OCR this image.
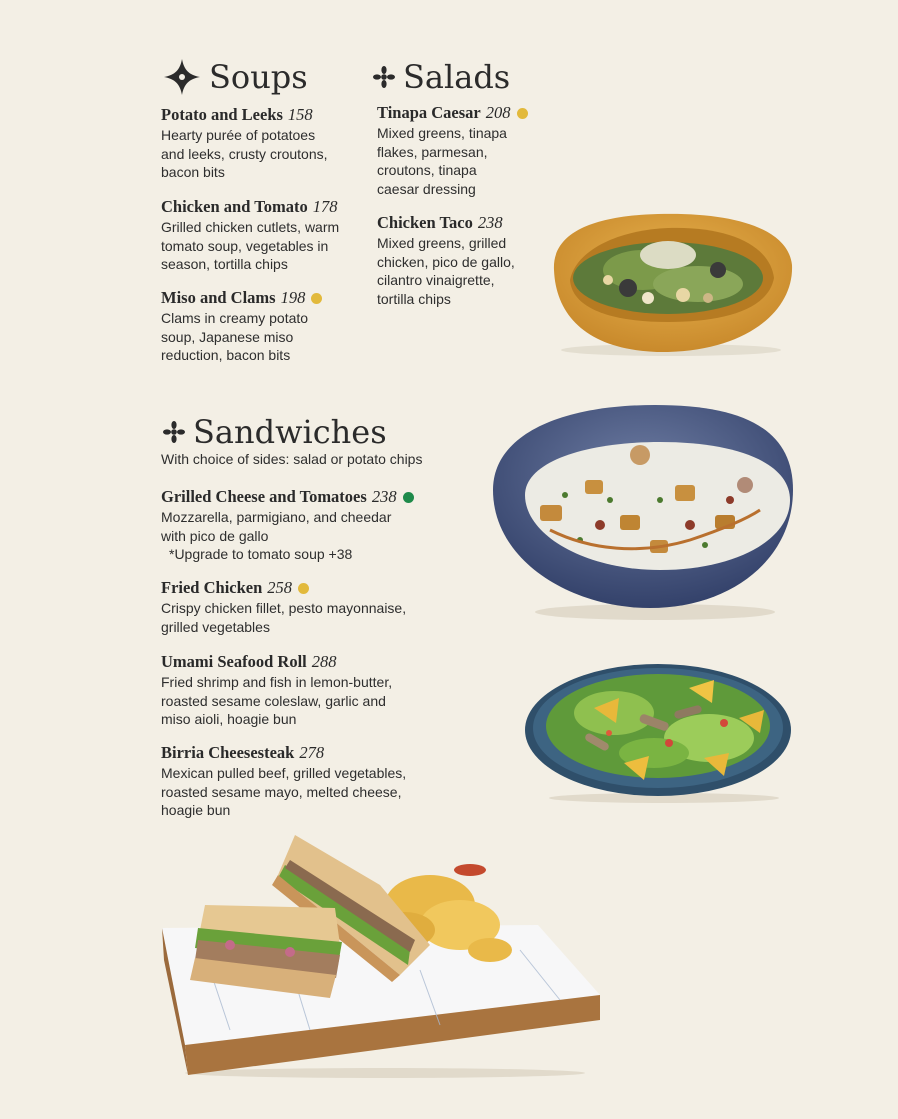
Soups
Potato and Leeks 158
Hearty purée of potatoes
and leeks, crusty croutons,
bacon bits
Chicken and Tomato 178
Grilled chicken cutlets, warm
tomato soup, vegetables in
season, tortilla chips
Miso and Clams 198
Clams in creamy potato
soup, Japanese miso
reduction, bacon bits
Salads
Tinapa Caesar 208
Mixed greens, tinapa
flakes, parmesan,
croutons, tinapa
caesar dressing
Chicken Taco 238
Mixed greens, grilled
chicken, pico de gallo,
cilantro vinaigrette,
tortilla chips
Sandwiches
With choice of sides: salad or potato chips
Grilled Cheese and Tomatoes 238
Mozzarella, parmigiano, and cheedar
with pico de gallo
*Upgrade to tomato soup +38
Fried Chicken 258
Crispy chicken fillet, pesto mayonnaise,
grilled vegetables
Umami Seafood Roll 288
Fried shrimp and fish in lemon-butter,
roasted sesame coleslaw, garlic and
miso aioli, hoagie bun
Birria Cheesesteak 278
Mexican pulled beef, grilled vegetables,
roasted sesame mayo, melted cheese,
hoagie bun
